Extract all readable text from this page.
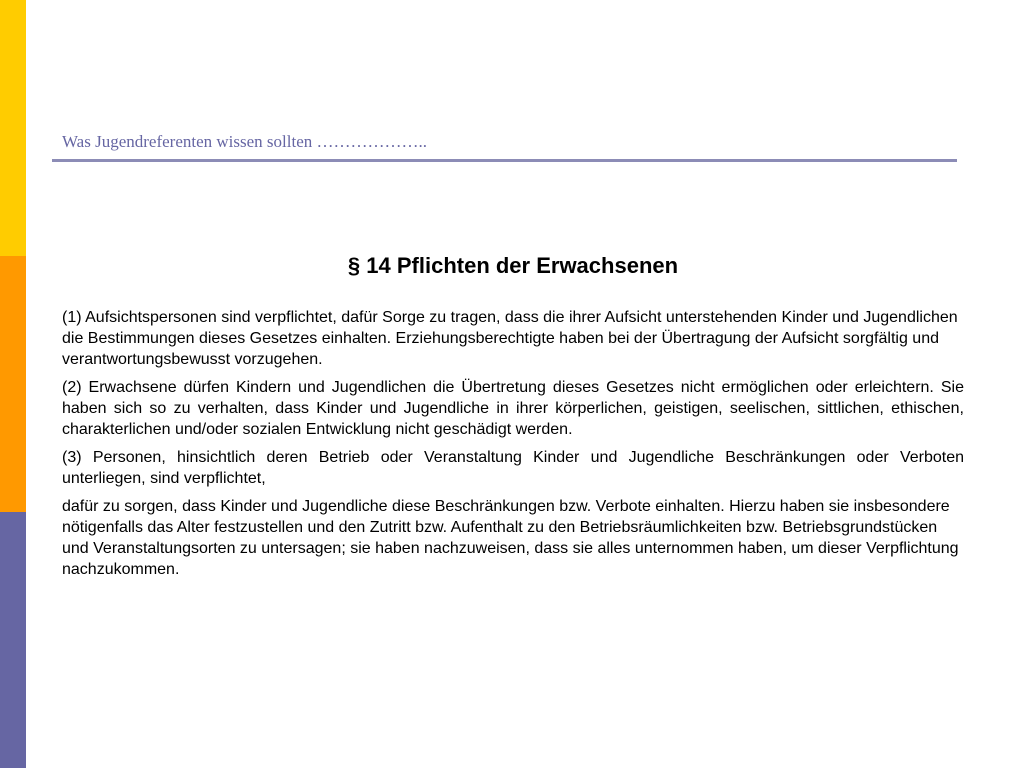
Was Jugendreferenten wissen sollten ………………..
§ 14 Pflichten der Erwachsenen

(1) Aufsichtspersonen sind verpflichtet, dafür Sorge zu tragen, dass die ihrer Aufsicht unterstehenden Kinder und Jugendlichen die Bestimmungen dieses Gesetzes einhalten. Erziehungsberechtigte haben bei der Übertragung der Aufsicht sorgfältig und verantwortungsbewusst vorzugehen.

(2) Erwachsene dürfen Kindern und Jugendlichen die Übertretung dieses Gesetzes nicht ermöglichen oder erleichtern. Sie haben sich so zu verhalten, dass Kinder und Jugendliche in ihrer körperlichen, geistigen, seelischen, sittlichen, ethischen, charakterlichen und/oder sozialen Entwicklung nicht geschädigt werden.

(3) Personen, hinsichtlich deren Betrieb oder Veranstaltung Kinder und Jugendliche Beschränkungen oder Verboten unterliegen, sind verpflichtet,

dafür zu sorgen, dass Kinder und Jugendliche diese Beschränkungen bzw. Verbote einhalten. Hierzu haben sie insbesondere nötigenfalls das Alter festzustellen und den Zutritt bzw. Aufenthalt zu den Betriebsräumlichkeiten bzw. Betriebsgrundstücken und Veranstaltungsorten zu untersagen; sie haben nachzuweisen, dass sie alles unternommen haben, um dieser Verpflichtung nachzukommen.
